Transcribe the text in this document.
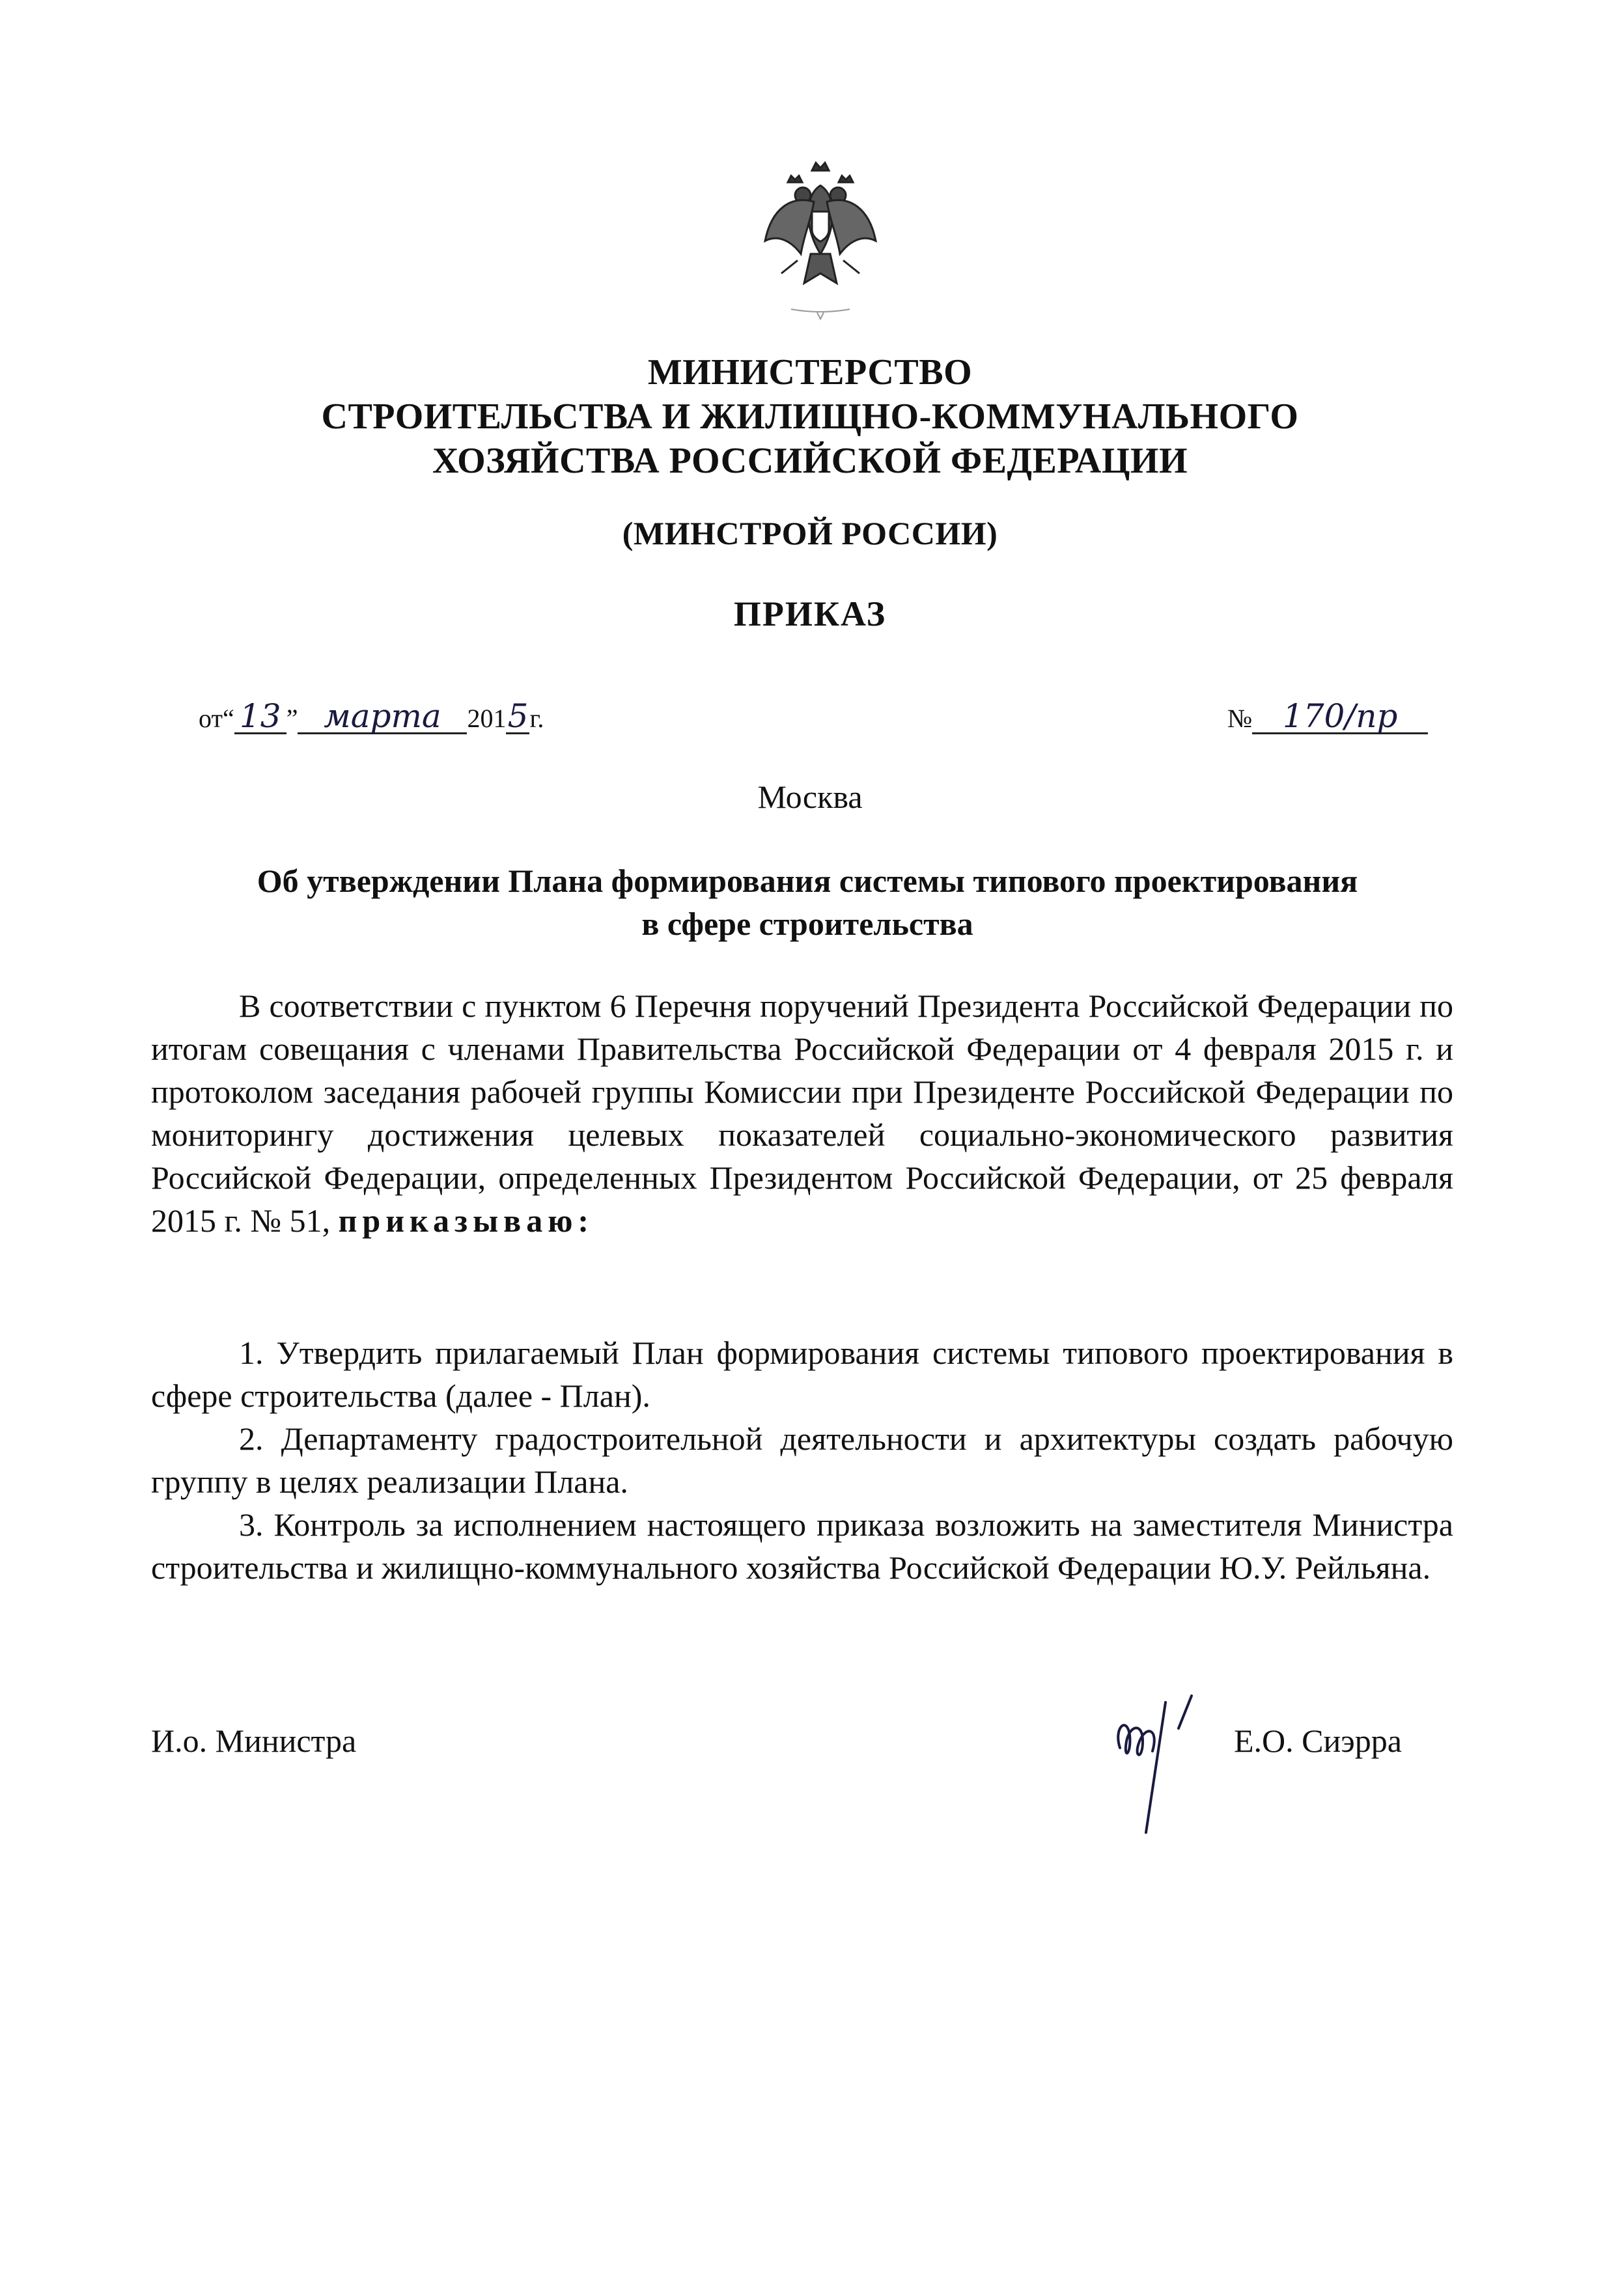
МИНИСТЕРСТВО
СТРОИТЕЛЬСТВА И ЖИЛИЩНО-КОММУНАЛЬНОГО
ХОЗЯЙСТВА РОССИЙСКОЙ ФЕДЕРАЦИИ
(МИНСТРОЙ РОССИИ)
ПРИКАЗ
от“ 13 ” марта 2015г.	№ 170/пр
Москва
Об утверждении Плана формирования системы типового проектирования
в сфере строительства
В соответствии с пунктом 6 Перечня поручений Президента Российской Федерации по итогам совещания с членами Правительства Российской Федерации от 4 февраля 2015 г. и протоколом заседания рабочей группы Комиссии при Президенте Российской Федерации по мониторингу достижения целевых показателей социально-экономического развития Российской Федерации, определенных Президентом Российской Федерации, от 25 февраля 2015 г. № 51, приказываю:
1. Утвердить прилагаемый План формирования системы типового проектирования в сфере строительства (далее - План).
2. Департаменту градостроительной деятельности и архитектуры создать рабочую группу в целях реализации Плана.
3. Контроль за исполнением настоящего приказа возложить на заместителя Министра строительства и жилищно-коммунального хозяйства Российской Федерации Ю.У. Рейльяна.
И.о. Министра	Е.О. Сиэрра
